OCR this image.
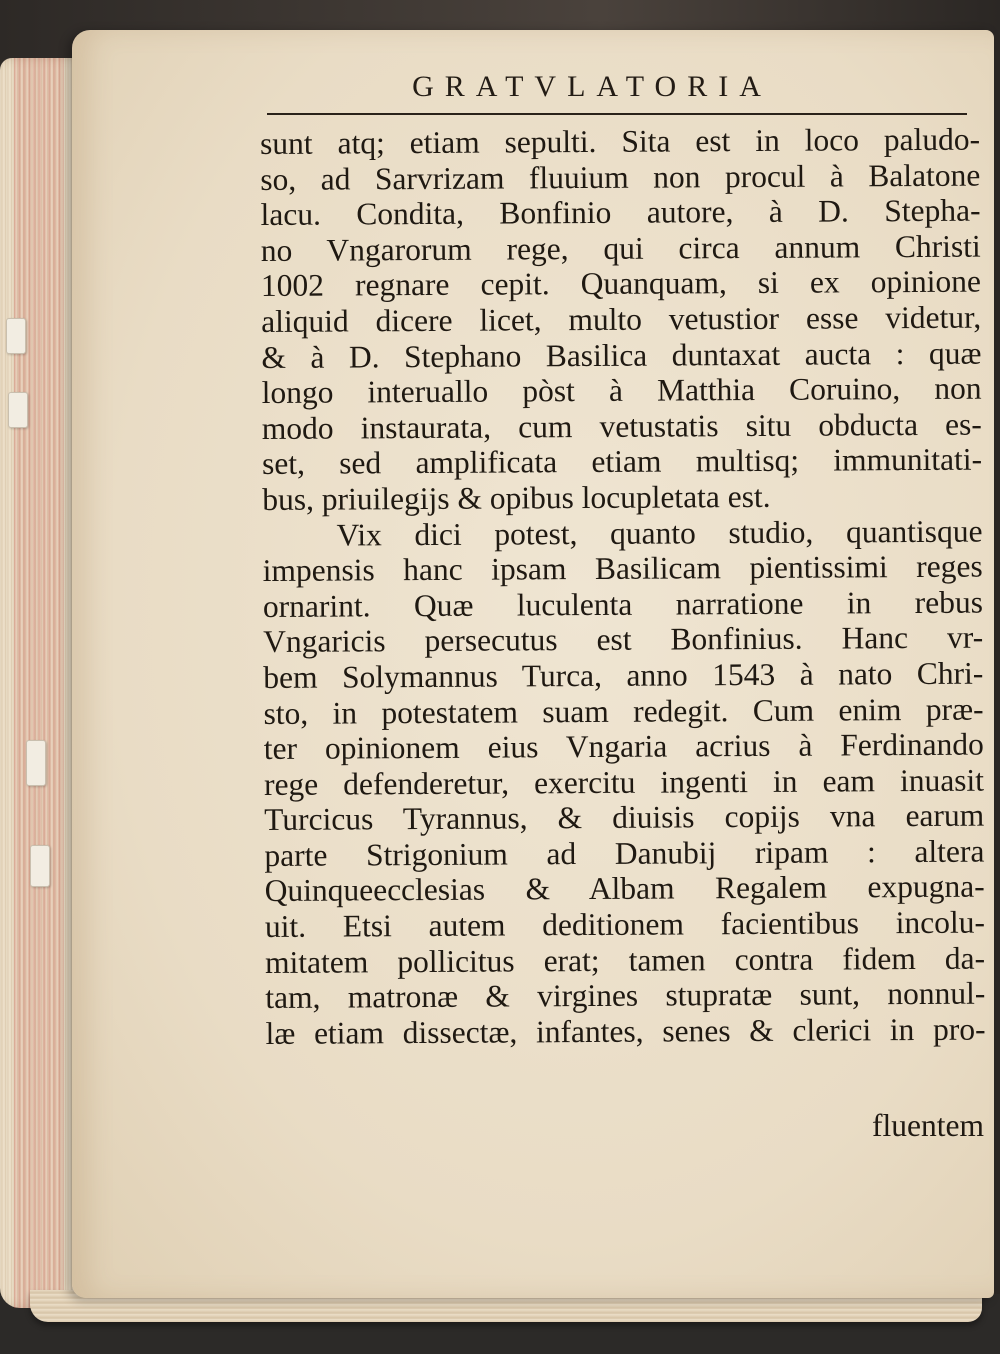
GRATVLATORIA
sunt atq; etiam sepulti. Sita est in loco paludo-
so, ad Sarvrizam fluuium non procul à Balatone
lacu. Condita, Bonfinio autore, à D. Stepha-
no Vngarorum rege, qui circa annum Christi
1002 regnare cepit. Quanquam, si ex opinione
aliquid dicere licet, multo vetustior esse videtur,
& à D. Stephano Basilica duntaxat aucta : quæ
longo interuallo pòst à Matthia Coruino, non
modo instaurata, cum vetustatis situ obducta es-
set, sed amplificata etiam multisq; immunitati-
bus, priuilegijs & opibus locupletata est.
Vix dici potest, quanto studio, quantisque
impensis hanc ipsam Basilicam pientissimi reges
ornarint. Quæ luculenta narratione in rebus
Vngaricis persecutus est Bonfinius. Hanc vr-
bem Solymannus Turca, anno 1543 à nato Chri-
sto, in potestatem suam redegit. Cum enim præ-
ter opinionem eius Vngaria acrius à Ferdinando
rege defenderetur, exercitu ingenti in eam inuasit
Turcicus Tyrannus, & diuisis copijs vna earum
parte Strigonium ad Danubij ripam : altera
Quinqueecclesias & Albam Regalem expugna-
uit. Etsi autem deditionem facientibus incolu-
mitatem pollicitus erat; tamen contra fidem da-
tam, matronæ & virgines stupratæ sunt, nonnul-
læ etiam dissectæ, infantes, senes & clerici in pro-
fluentem
